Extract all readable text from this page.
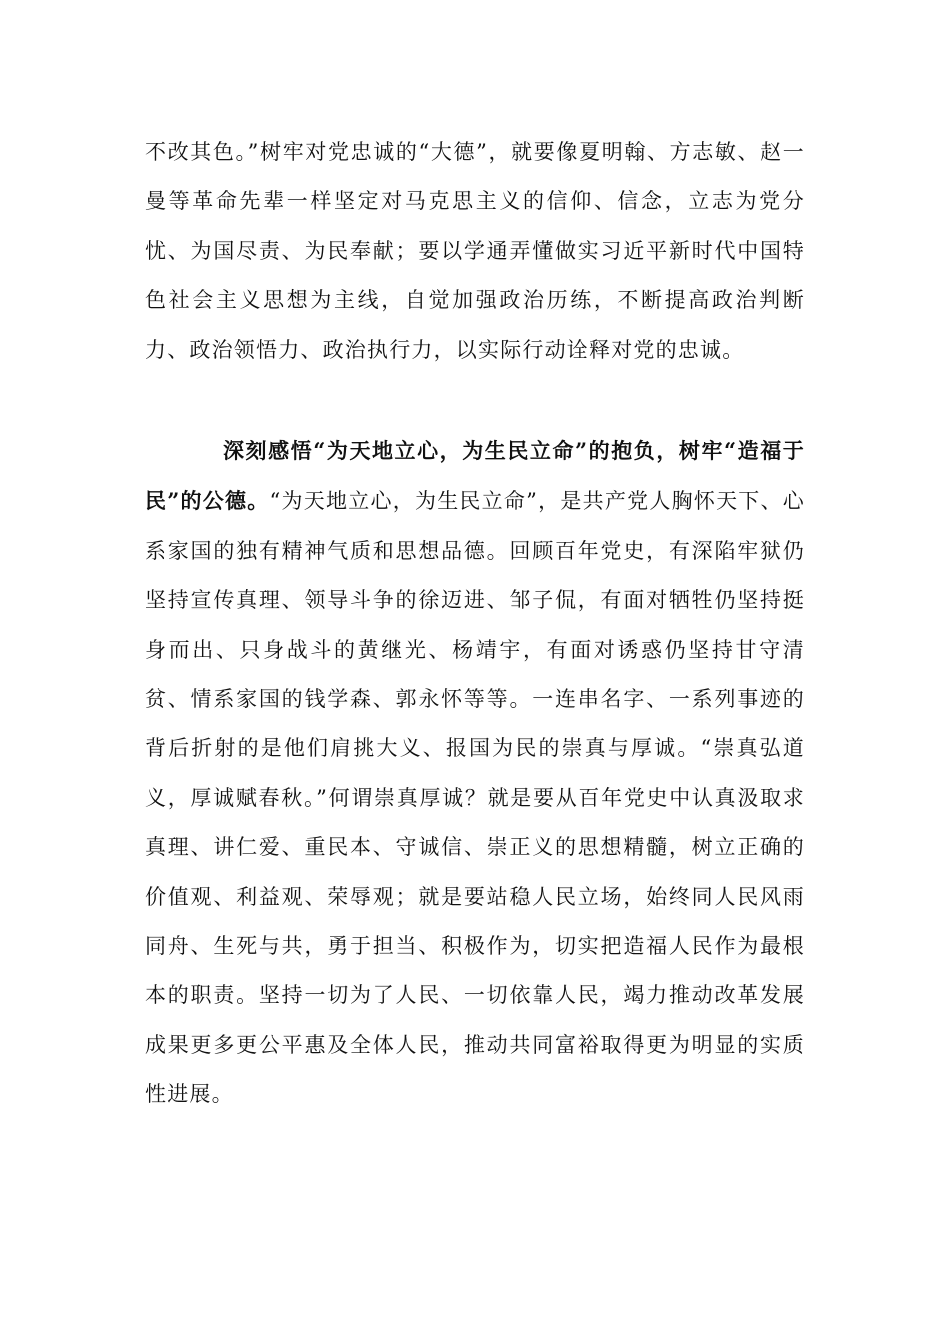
不改其色。”树牢对党忠诚的“大德”，就要像夏明翰、方志敏、赵一曼等革命先辈一样坚定对马克思主义的信仰、信念，立志为党分忧、为国尽责、为民奉献；要以学通弄懂做实习近平新时代中国特色社会主义思想为主线，自觉加强政治历练，不断提高政治判断力、政治领悟力、政治执行力，以实际行动诠释对党的忠诚。

深刻感悟“为天地立心，为生民立命”的抱负，树牢“造福于民”的公德。“为天地立心，为生民立命”，是共产党人胸怀天下、心系家国的独有精神气质和思想品德。回顾百年党史，有深陷牢狱仍坚持宣传真理、领导斗争的徐迈进、邹子侃，有面对牺牲仍坚持挺身而出、只身战斗的黄继光、杨靖宇，有面对诱惑仍坚持甘守清贫、情系家国的钱学森、郭永怀等等。一连串名字、一系列事迹的背后折射的是他们肩挑大义、报国为民的崇真与厚诚。“崇真弘道义，厚诚赋春秋。”何谓崇真厚诚？就是要从百年党史中认真汲取求真理、讲仁爱、重民本、守诚信、崇正义的思想精髓，树立正确的价值观、利益观、荣辱观；就是要站稳人民立场，始终同人民风雨同舟、生死与共，勇于担当、积极作为，切实把造福人民作为最根本的职责。坚持一切为了人民、一切依靠人民，竭力推动改革发展成果更多更公平惠及全体人民，推动共同富裕取得更为明显的实质性进展。
